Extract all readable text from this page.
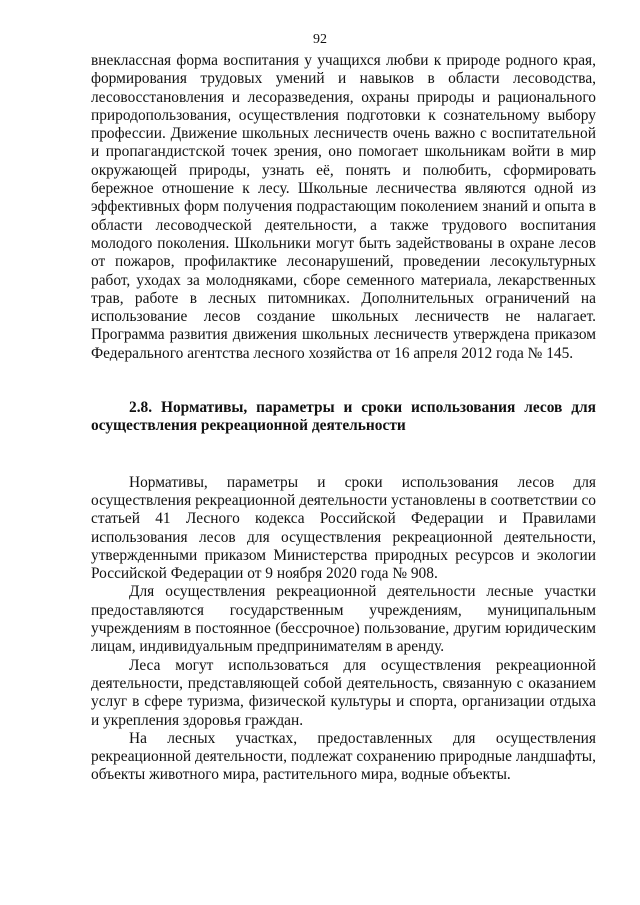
92

внеклассная форма воспитания у учащихся любви к природе родного края, формирования трудовых умений и навыков в области лесоводства, лесовосстановления и лесоразведения, охраны природы и рационального природопользования, осуществления подготовки к сознательному выбору профессии. Движение школьных лесничеств очень важно с воспитательной и пропагандистской точек зрения, оно помогает школьникам войти в мир окружающей природы, узнать её, понять и полюбить, сформировать бережное отношение к лесу. Школьные лесничества являются одной из эффективных форм получения подрастающим поколением знаний и опыта в области лесоводческой деятельности, а также трудового воспитания молодого поколения. Школьники могут быть задействованы в охране лесов от пожаров, профилактике лесонарушений, проведении лесокультурных работ, уходах за молодняками, сборе семенного материала, лекарственных трав, работе в лесных питомниках. Дополнительных ограничений на использование лесов создание школьных лесничеств не налагает. Программа развития движения школьных лесничеств утверждена приказом Федерального агентства лесного хозяйства от 16 апреля 2012 года № 145.

2.8. Нормативы, параметры и сроки использования лесов для осуществления рекреационной деятельности

Нормативы, параметры и сроки использования лесов для осуществления рекреационной деятельности установлены в соответствии со статьей 41 Лесного кодекса Российской Федерации и Правилами использования лесов для осуществления рекреационной деятельности, утвержденными приказом Министерства природных ресурсов и экологии Российской Федерации от 9 ноября 2020 года № 908.

Для осуществления рекреационной деятельности лесные участки предоставляются государственным учреждениям, муниципальным учреждениям в постоянное (бессрочное) пользование, другим юридическим лицам, индивидуальным предпринимателям в аренду.

Леса могут использоваться для осуществления рекреационной деятельности, представляющей собой деятельность, связанную с оказанием услуг в сфере туризма, физической культуры и спорта, организации отдыха и укрепления здоровья граждан.

На лесных участках, предоставленных для осуществления рекреационной деятельности, подлежат сохранению природные ландшафты, объекты животного мира, растительного мира, водные объекты.
